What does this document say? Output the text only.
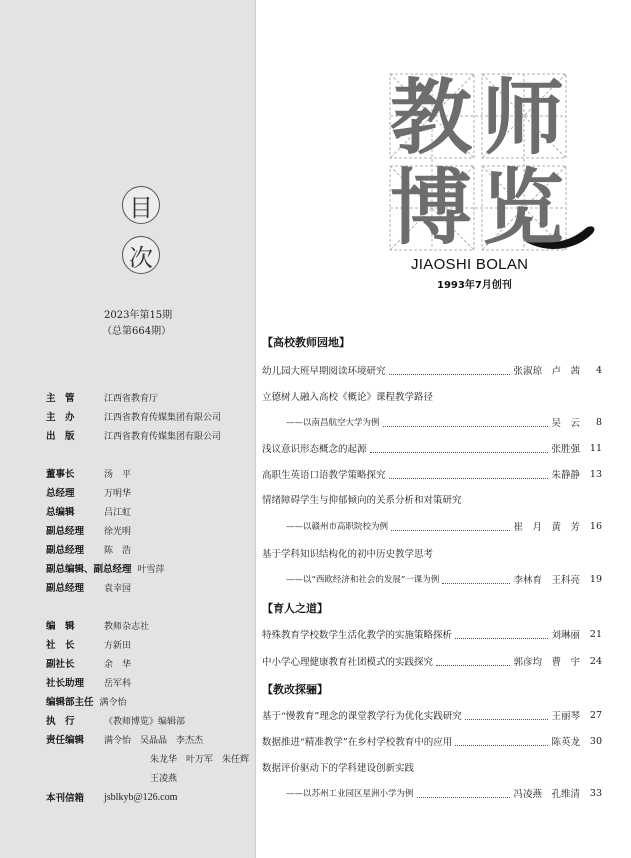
目
次
2023年第15期
（总第664期）
主　管	江西省教育厅
主　办	江西省教育传媒集团有限公司
出　版	江西省教育传媒集团有限公司
董事长	汤　平
总经理	万明华
总编辑	吕江虹
副总经理	徐光明
副总经理	陈　浩
副总编辑、副总经理 叶雪萍
副总经理	袁幸园
编　辑	教师杂志社
社　长	方新田
副社长	余　华
社长助理	岳军科
编辑部主任 满令怡
执　行	《教师博览》编辑部
责任编辑	满令怡　吴晶晶　李杰杰
朱龙华　叶万军　朱任辉
王凌燕
本刊信箱	jsblkyb@126.com
教 师
博 览
JIAOSHI BOLAN
1993年7月创刊
【高校教师园地】
幼儿园大班早期阅读环境研究	张淑琼　卢　茜	4
立德树人融入高校《概论》课程教学路径
——以南昌航空大学为例	吴　云	8
浅议意识形态概念的起源	张胜强	11
高职生英语口语教学策略探究	朱静静	13
情绪障碍学生与抑郁倾向的关系分析和对策研究
——以赣州市高职院校为例	崔　月　黄　芳	16
基于学科知识结构化的初中历史教学思考
——以“西欧经济和社会的发展”一课为例	李林育　王科亮	19
【育人之道】
特殊教育学校数学生活化教学的实施策略探析	刘琳丽	21
中小学心理健康教育社团模式的实践探究	郭彦均　曹　宇	24
【教改探骊】
基于“慢教育”理念的课堂教学行为优化实践研究	王丽琴	27
数据推进“精准教学”在乡村学校教育中的应用	陈英龙	30
数据评价驱动下的学科建设创新实践
——以苏州工业园区星洲小学为例	冯凌燕　孔维清	33
